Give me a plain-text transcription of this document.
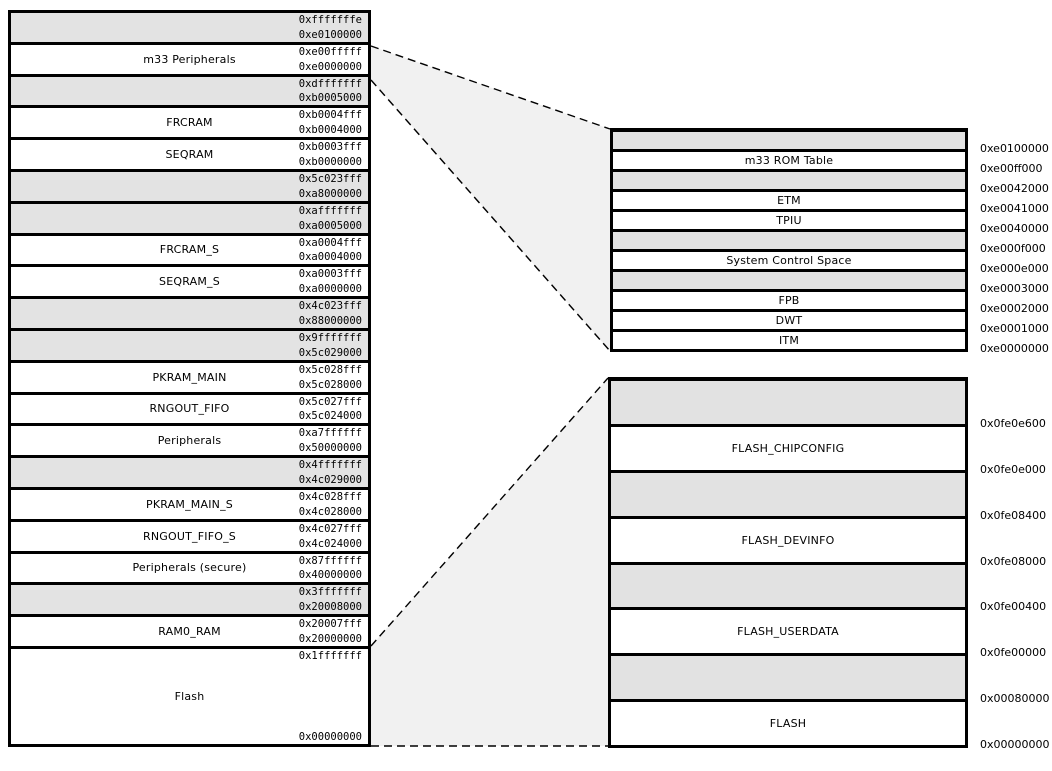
0xfffffffe
0xe0100000
m33 Peripherals
0xe00fffff
0xe0000000
0xdfffffff
0xb0005000
FRCRAM
0xb0004fff
0xb0004000
SEQRAM
0xb0003fff
0xb0000000
0x5c023fff
0xa8000000
0xafffffff
0xa0005000
FRCRAM_S
0xa0004fff
0xa0004000
SEQRAM_S
0xa0003fff
0xa0000000
0x4c023fff
0x88000000
0x9fffffff
0x5c029000
PKRAM_MAIN
0x5c028fff
0x5c028000
RNGOUT_FIFO
0x5c027fff
0x5c024000
Peripherals
0xa7ffffff
0x50000000
0x4fffffff
0x4c029000
PKRAM_MAIN_S
0x4c028fff
0x4c028000
RNGOUT_FIFO_S
0x4c027fff
0x4c024000
Peripherals (secure)
0x87ffffff
0x40000000
0x3fffffff
0x20008000
RAM0_RAM
0x20007fff
0x20000000
Flash
0x1fffffff
0x00000000
m33 ROM Table
ETM
TPIU
System Control Space
FPB
DWT
ITM
0xe0100000
0xe00ff000
0xe0042000
0xe0041000
0xe0040000
0xe000f000
0xe000e000
0xe0003000
0xe0002000
0xe0001000
0xe0000000
FLASH_CHIPCONFIG
FLASH_DEVINFO
FLASH_USERDATA
FLASH
0x0fe0e600
0x0fe0e000
0x0fe08400
0x0fe08000
0x0fe00400
0x0fe00000
0x00080000
0x00000000
